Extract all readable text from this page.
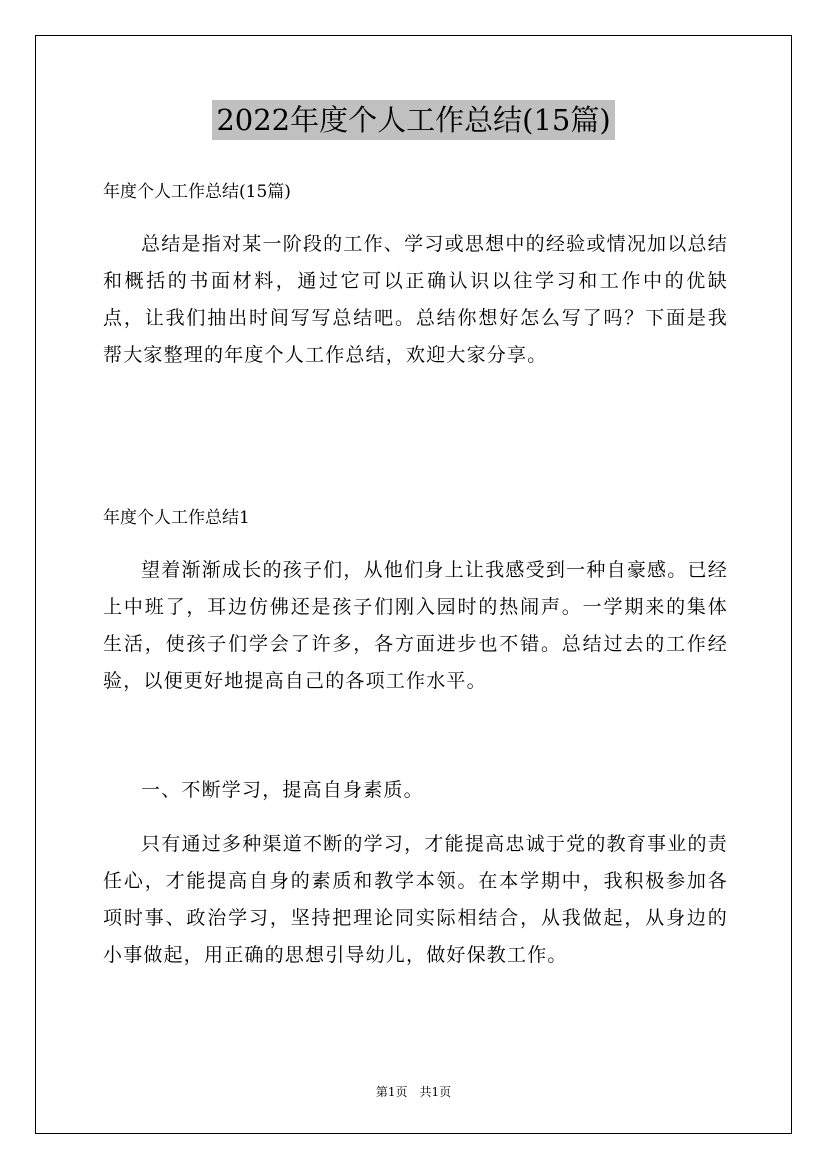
2022年度个人工作总结(15篇)

年度个人工作总结(15篇)

总结是指对某一阶段的工作、学习或思想中的经验或情况加以总结和概括的书面材料，通过它可以正确认识以往学习和工作中的优缺点，让我们抽出时间写写总结吧。总结你想好怎么写了吗？下面是我帮大家整理的年度个人工作总结，欢迎大家分享。

年度个人工作总结1

望着渐渐成长的孩子们，从他们身上让我感受到一种自豪感。已经上中班了，耳边仿佛还是孩子们刚入园时的热闹声。一学期来的集体生活，使孩子们学会了许多，各方面进步也不错。总结过去的工作经验，以便更好地提高自己的各项工作水平。

一、不断学习，提高自身素质。

只有通过多种渠道不断的学习，才能提高忠诚于党的教育事业的责任心，才能提高自身的素质和教学本领。在本学期中，我积极参加各项时事、政治学习，坚持把理论同实际相结合，从我做起，从身边的小事做起，用正确的思想引导幼儿，做好保教工作。

第1页　共1页
